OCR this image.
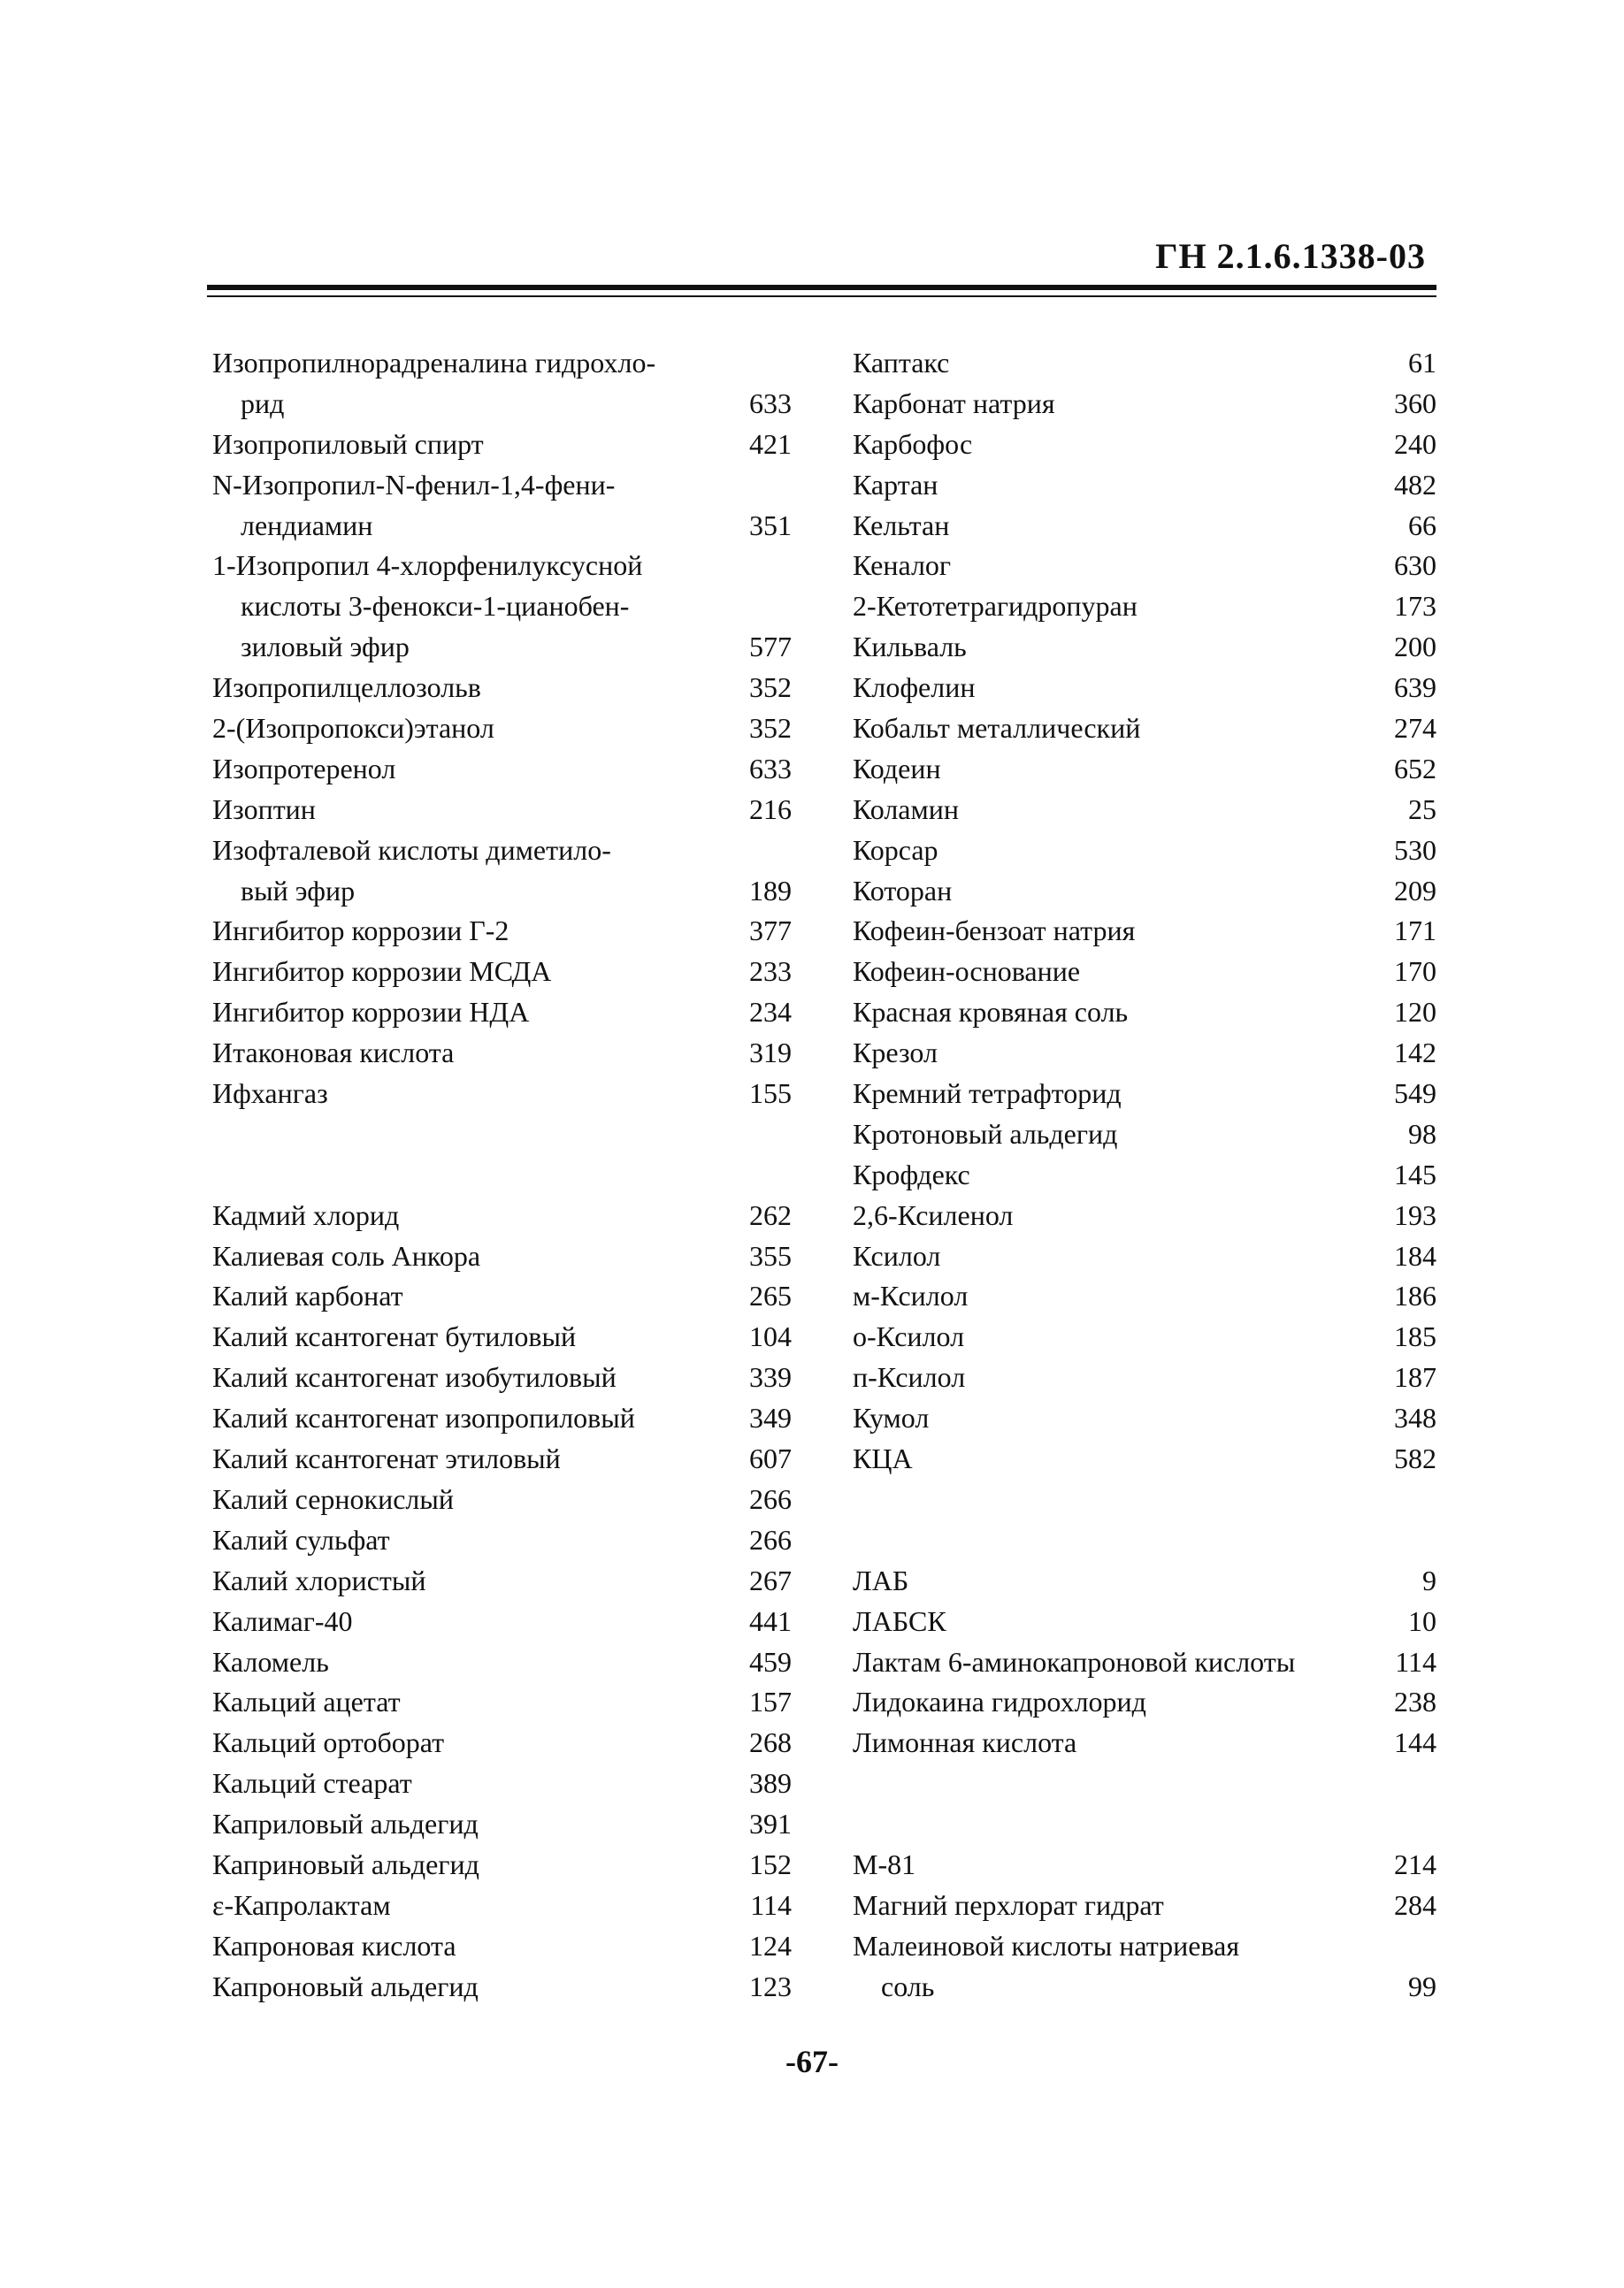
ГН 2.1.6.1338-03
Изопропилнорадреналина гидрохло-
рид	633
Изопропиловый спирт	421
N-Изопропил-N-фенил-1,4-фени-
лендиамин	351
1-Изопропил 4-хлорфенилуксусной
кислоты 3-фенокси-1-цианобен-
зиловый эфир	577
Изопропилцеллозольв	352
2-(Изопропокси)этанол	352
Изопротеренол	633
Изоптин	216
Изофталевой кислоты диметило-
вый эфир	189
Ингибитор коррозии Г-2	377
Ингибитор коррозии МСДА	233
Ингибитор коррозии НДА	234
Итаконовая кислота	319
Ифхангаз	155
Кадмий хлорид	262
Калиевая соль Анкора	355
Калий карбонат	265
Калий ксантогенат бутиловый	104
Калий ксантогенат изобутиловый	339
Калий ксантогенат изопропиловый	349
Калий ксантогенат этиловый	607
Калий сернокислый	266
Калий сульфат	266
Калий хлористый	267
Калимаг-40	441
Каломель	459
Кальций ацетат	157
Кальций ортоборат	268
Кальций стеарат	389
Каприловый альдегид	391
Каприновый альдегид	152
ε-Капролактам	114
Капроновая кислота	124
Капроновый альдегид	123
Каптакс	61
Карбонат натрия	360
Карбофос	240
Картан	482
Кельтан	66
Кеналог	630
2-Кетотетрагидропуран	173
Кильваль	200
Клофелин	639
Кобальт металлический	274
Кодеин	652
Коламин	25
Корсар	530
Которан	209
Кофеин-бензоат натрия	171
Кофеин-основание	170
Красная кровяная соль	120
Крезол	142
Кремний тетрафторид	549
Кротоновый альдегид	98
Крофдекс	145
2,6-Ксиленол	193
Ксилол	184
м-Ксилол	186
о-Ксилол	185
п-Ксилол	187
Кумол	348
КЦА	582
ЛАБ	9
ЛАБСК	10
Лактам 6-аминокапроновой кислоты	114
Лидокаина гидрохлорид	238
Лимонная кислота	144
М-81	214
Магний перхлорат гидрат	284
Малеиновой кислоты натриевая
соль	99
-67-
